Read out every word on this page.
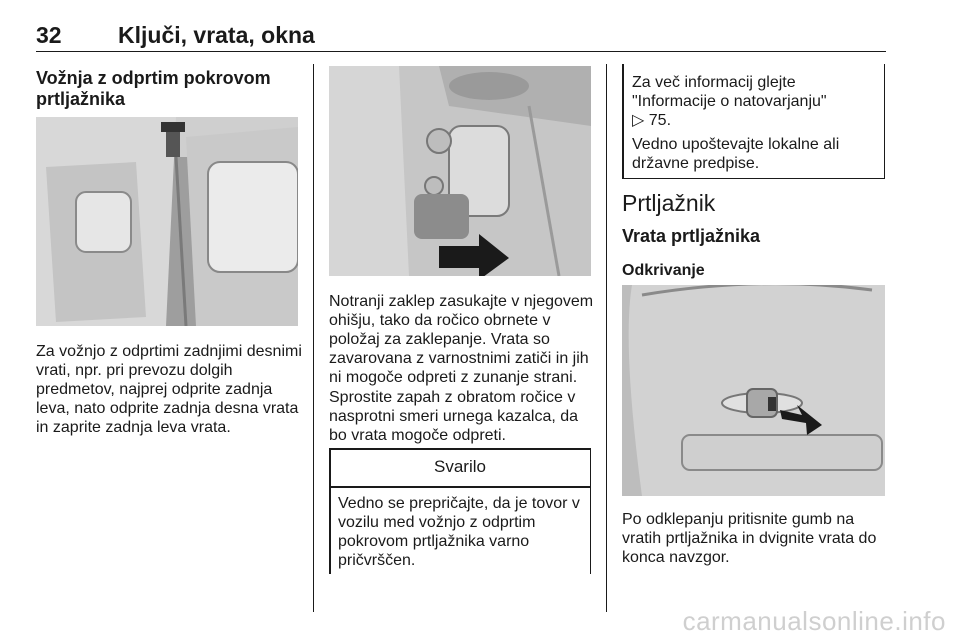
32 Ključi, vrata, okna
Vožnja z odprtim pokrovom
prtljažnika

Za vožnjo z odprtimi zadnjimi desnimi

vrati, npr. pri prevozu dolgih

predmetov, najprej odprite zadnja

leva, nato odprite zadnja desna vrata

in zaprite zadnja leva vrata.

Notranji zaklep zasukajte v njegovem

ohišju, tako da ročico obrnete v

položaj za zaklepanje. Vrata so

zavarovana z varnostnimi zatiči in jih

ni mogoče odpreti z zunanje strani.

Sprostite zapah z obratom ročice v

nasprotni smeri urnega kazalca, da

bo vrata mogoče odpreti.

Svarilo

Vedno se prepričajte, da je tovor v

vozilu med vožnjo z odprtim

pokrovom prtljažnika varno

pričvrščen.

Za več informacij glejte

"Informacije o natovarjanju"

▷ 75.

Vedno upoštevajte lokalne ali

državne predpise.

Prtljažnik
Vrata prtljažnika
Odkrivanje

Po odklepanju pritisnite gumb na

vratih prtljažnika in dvignite vrata do

konca navzgor.

carmanualsonline.info
